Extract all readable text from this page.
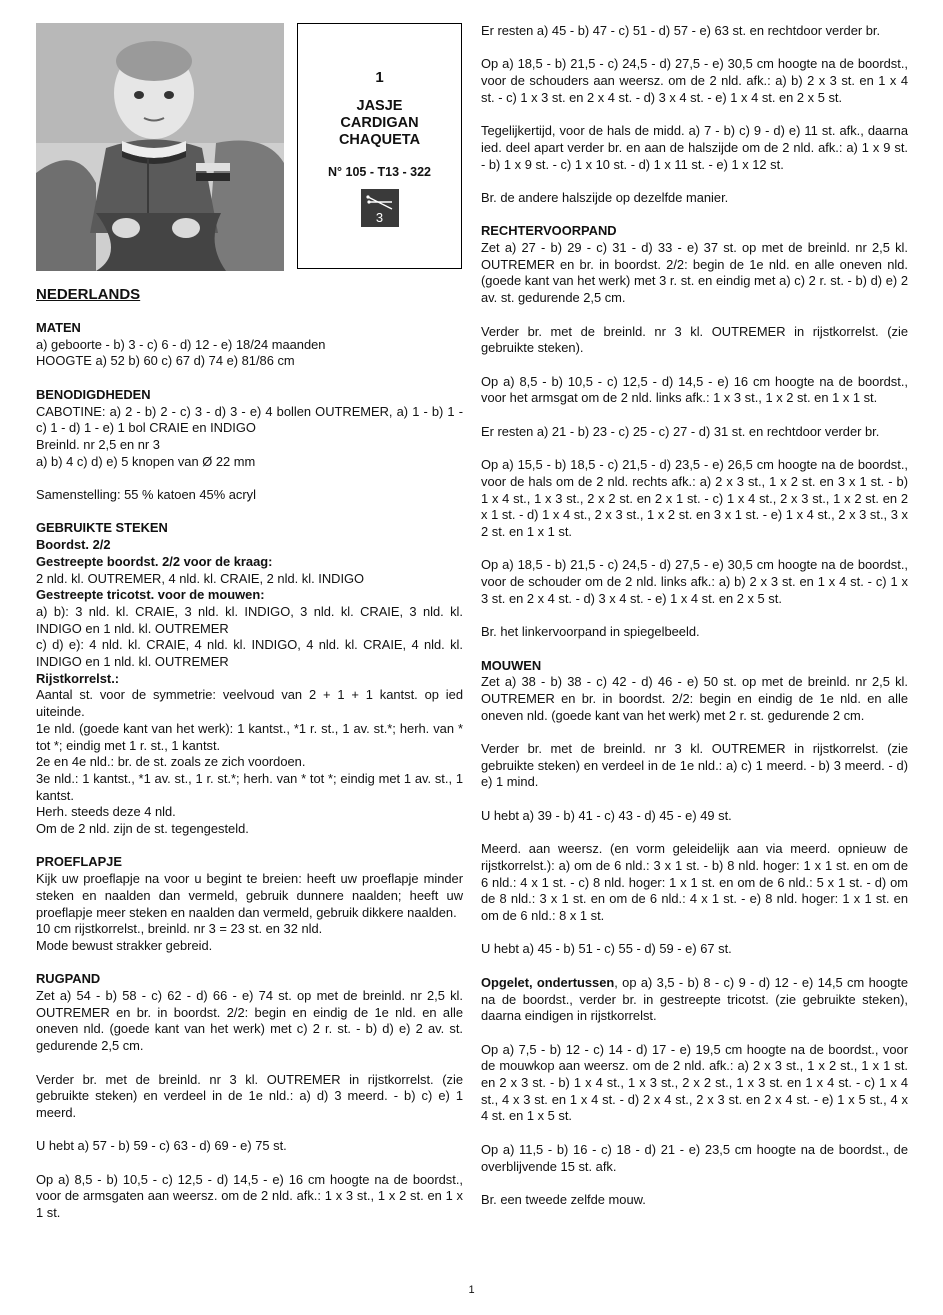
1
JASJE
CARDIGAN
CHAQUETA
N° 105 - T13 - 322
3

NEDERLANDS

MATEN

a) geboorte - b) 3 - c) 6 - d) 12 - e) 18/24 maanden

HOOGTE a) 52 b) 60 c) 67 d) 74 e) 81/86 cm

BENODIGDHEDEN

CABOTINE: a) 2 - b) 2 - c) 3 - d) 3 - e) 4 bollen OUTREMER, a) 1 - b) 1 - c) 1 - d) 1 - e) 1 bol CRAIE en INDIGO

Breinld. nr 2,5 en nr 3

a) b) 4 c) d) e) 5 knopen van Ø 22 mm

Samenstelling: 55 % katoen 45% acryl

GEBRUIKTE STEKEN

Boordst. 2/2

Gestreepte boordst. 2/2 voor de kraag:

2 nld. kl. OUTREMER, 4 nld. kl. CRAIE, 2 nld. kl. INDIGO

Gestreepte tricotst. voor de mouwen:

a) b): 3 nld. kl. CRAIE, 3 nld. kl. INDIGO, 3 nld. kl. CRAIE, 3 nld. kl. INDIGO en 1 nld. kl. OUTREMER

c) d) e): 4 nld. kl. CRAIE, 4 nld. kl. INDIGO, 4 nld. kl. CRAIE, 4 nld. kl. INDIGO en 1 nld. kl. OUTREMER

Rijstkorrelst.:

Aantal st. voor de symmetrie: veelvoud van 2 + 1 + 1 kantst. op ied uiteinde.

1e nld. (goede kant van het werk): 1 kantst., *1 r. st., 1 av. st.*; herh. van * tot *; eindig met 1 r. st., 1 kantst.

2e en 4e nld.: br. de st. zoals ze zich voordoen.

3e nld.: 1 kantst., *1 av. st., 1 r. st.*; herh. van * tot *; eindig met 1 av. st., 1 kantst.

Herh. steeds deze 4 nld.

Om de 2 nld. zijn de st. tegengesteld.

PROEFLAPJE

Kijk uw proeflapje na voor u begint te breien: heeft uw proeflapje minder steken en naalden dan vermeld, gebruik dunnere naalden; heeft uw proeflapje meer steken en naalden dan vermeld, gebruik dikkere naalden.

10 cm rijstkorrelst., breinld. nr 3 = 23 st. en 32 nld.

Mode bewust strakker gebreid.

RUGPAND

Zet a) 54 - b) 58 - c) 62 - d) 66 - e) 74 st. op met de breinld. nr 2,5 kl. OUTREMER en br. in boordst. 2/2: begin en eindig de 1e nld. en alle oneven nld. (goede kant van het werk) met c) 2 r. st. - b) d) e) 2 av. st. gedurende 2,5 cm.

Verder br. met de breinld. nr 3 kl. OUTREMER in rijstkorrelst. (zie gebruikte steken) en verdeel in de 1e nld.: a) d) 3 meerd. - b) c) e) 1 meerd.

U hebt a) 57 - b) 59 - c) 63 - d) 69 - e) 75 st.

Op a) 8,5 - b) 10,5 - c) 12,5 - d) 14,5 - e) 16 cm hoogte na de boordst., voor de armsgaten aan weersz. om de 2 nld. afk.: 1 x 3 st., 1 x 2 st. en 1 x 1 st.

Er resten a) 45 - b) 47 - c) 51 - d) 57 - e) 63 st. en rechtdoor verder br.

Op a) 18,5 - b) 21,5 - c) 24,5 - d) 27,5 - e) 30,5 cm hoogte na de boordst., voor de schouders aan weersz. om de 2 nld. afk.: a) b) 2 x 3 st. en 1 x 4 st. - c) 1 x 3 st. en 2 x 4 st. - d) 3 x 4 st. - e) 1 x 4 st. en 2 x 5 st.

Tegelijkertijd, voor de hals de midd. a) 7 - b) c) 9 - d) e) 11 st. afk., daarna ied. deel apart verder br. en aan de halszijde om de 2 nld. afk.: a) 1 x 9 st. - b) 1 x 9 st. - c) 1 x 10 st. - d) 1 x 11 st. - e) 1 x 12 st.

Br. de andere halszijde op dezelfde manier.

RECHTERVOORPAND

Zet a) 27 - b) 29 - c) 31 - d) 33 - e) 37 st. op met de breinld. nr 2,5 kl. OUTREMER en br. in boordst. 2/2: begin de 1e nld. en alle oneven nld. (goede kant van het werk) met 3 r. st. en eindig met a) c) 2 r. st. - b) d) e) 2 av. st. gedurende 2,5 cm.

Verder br. met de breinld. nr 3 kl. OUTREMER in rijstkorrelst. (zie gebruikte steken).

Op a) 8,5 - b) 10,5 - c) 12,5 - d) 14,5 - e) 16 cm hoogte na de boordst., voor het armsgat om de 2 nld. links afk.: 1 x 3 st., 1 x 2 st. en 1 x 1 st.

Er resten a) 21 - b) 23 - c) 25 - c) 27 - d) 31 st. en rechtdoor verder br.

Op a) 15,5 - b) 18,5 - c) 21,5 - d) 23,5 - e) 26,5 cm hoogte na de boordst., voor de hals om de 2 nld. rechts afk.: a) 2 x 3 st., 1 x 2 st. en 3 x 1 st. - b) 1 x 4 st., 1 x 3 st., 2 x 2 st. en 2 x 1 st. - c) 1 x 4 st., 2 x 3 st., 1 x 2 st. en 2 x 1 st. - d) 1 x 4 st., 2 x 3 st., 1 x 2 st. en 3 x 1 st. - e) 1 x 4 st., 2 x 3 st., 3 x 2 st. en 1 x 1 st.

Op a) 18,5 - b) 21,5 - c) 24,5 - d) 27,5 - e) 30,5 cm hoogte na de boordst., voor de schouder om de 2 nld. links afk.: a) b) 2 x 3 st. en 1 x 4 st. - c) 1 x 3 st. en 2 x 4 st. - d) 3 x 4 st. - e) 1 x 4 st. en 2 x 5 st.

Br. het linkervoorpand in spiegelbeeld.

MOUWEN

Zet a) 38 - b) 38 - c) 42 - d) 46 - e) 50 st. op met de breinld. nr 2,5 kl. OUTREMER en br. in boordst. 2/2: begin en eindig de 1e nld. en alle oneven nld. (goede kant van het werk) met 2 r. st. gedurende 2 cm.

Verder br. met de breinld. nr 3 kl. OUTREMER in rijstkorrelst. (zie gebruikte steken) en verdeel in de 1e nld.: a) c) 1 meerd. - b) 3 meerd. - d) e) 1 mind.

U hebt a) 39 - b) 41 - c) 43 - d) 45 - e) 49 st.

Meerd. aan weersz. (en vorm geleidelijk aan via meerd. opnieuw de rijstkorrelst.): a) om de 6 nld.: 3 x 1 st. - b) 8 nld. hoger: 1 x 1 st. en om de 6 nld.: 4 x 1 st. - c) 8 nld. hoger: 1 x 1 st. en om de 6 nld.: 5 x 1 st. - d) om de 8 nld.: 3 x 1 st. en om de 6 nld.: 4 x 1 st. - e) 8 nld. hoger: 1 x 1 st. en om de 6 nld.: 8 x 1 st.

U hebt a) 45 - b) 51 - c) 55 - d) 59 - e) 67 st.

Opgelet, ondertussen, op a) 3,5 - b) 8 - c) 9 - d) 12 - e) 14,5 cm hoogte na de boordst., verder br. in gestreepte tricotst. (zie gebruikte steken), daarna eindigen in rijstkorrelst.

Op a) 7,5 - b) 12 - c) 14 - d) 17 - e) 19,5 cm hoogte na de boordst., voor de mouwkop aan weersz. om de 2 nld. afk.: a) 2 x 3 st., 1 x 2 st., 1 x 1 st. en 2 x 3 st. - b) 1 x 4 st., 1 x 3 st., 2 x 2 st., 1 x 3 st. en 1 x 4 st. - c) 1 x 4 st., 4 x 3 st. en 1 x 4 st. - d) 2 x 4 st., 2 x 3 st. en 2 x 4 st. - e) 1 x 5 st., 4 x 4 st. en 1 x 5 st.

Op a) 11,5 - b) 16 - c) 18 - d) 21 - e) 23,5 cm hoogte na de boordst., de overblijvende 15 st. afk.

Br. een tweede zelfde mouw.

1
